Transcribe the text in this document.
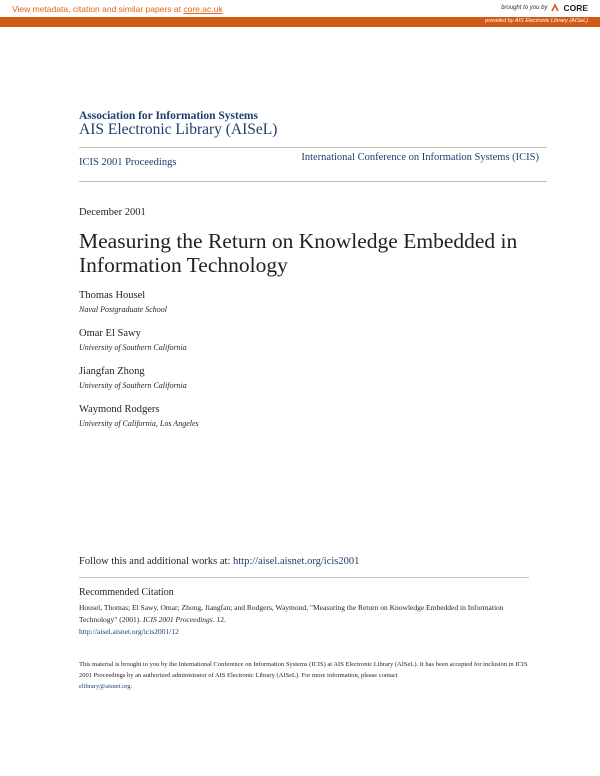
View metadata, citation and similar papers at core.ac.uk	brought to you by CORE
provided by AIS Electronic Library (AISeL)
Association for Information Systems
AIS Electronic Library (AISeL)
ICIS 2001 Proceedings	International Conference on Information Systems (ICIS)
December 2001
Measuring the Return on Knowledge Embedded in Information Technology
Thomas Housel
Naval Postgraduate School
Omar El Sawy
University of Southern California
Jiangfan Zhong
University of Southern California
Waymond Rodgers
University of California, Los Angeles
Follow this and additional works at: http://aisel.aisnet.org/icis2001
Recommended Citation
Housel, Thomas; El Sawy, Omar; Zhong, Jiangfan; and Rodgers, Waymond, "Measuring the Return on Knowledge Embedded in Information Technology" (2001). ICIS 2001 Proceedings. 12.
http://aisel.aisnet.org/icis2001/12
This material is brought to you by the International Conference on Information Systems (ICIS) at AIS Electronic Library (AISeL). It has been accepted for inclusion in ICIS 2001 Proceedings by an authorized administrator of AIS Electronic Library (AISeL). For more information, please contact
elibrary@aisnet.org.
